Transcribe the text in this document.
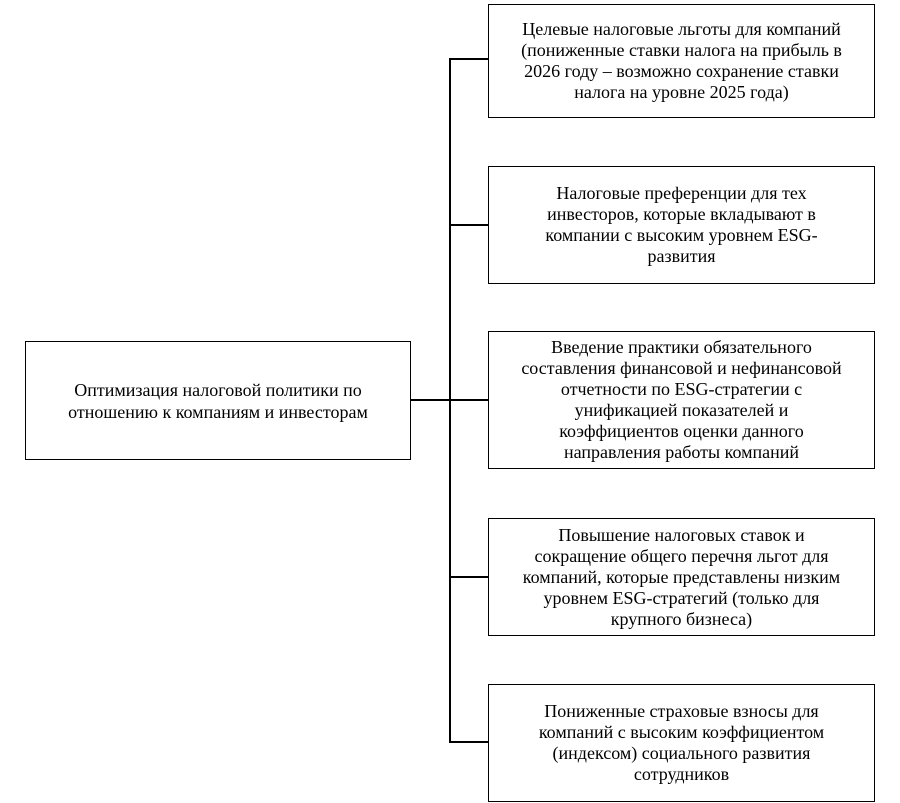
Оптимизация налоговой политики по
отношению к компаниям и инвесторам
Целевые налоговые льготы для компаний
(пониженные ставки налога на прибыль в
2026 году – возможно сохранение ставки
налога на уровне 2025 года)
Налоговые преференции для тех
инвесторов, которые вкладывают в
компании с высоким уровнем ESG-
развития
Введение практики обязательного
составления финансовой и нефинансовой
отчетности по ESG-стратегии с
унификацией показателей и
коэффициентов оценки данного
направления работы компаний
Повышение налоговых ставок и
сокращение общего перечня льгот для
компаний, которые представлены низким
уровнем ESG-стратегий (только для
крупного бизнеса)
Пониженные страховые взносы для
компаний с высоким коэффициентом
(индексом) социального развития
сотрудников
